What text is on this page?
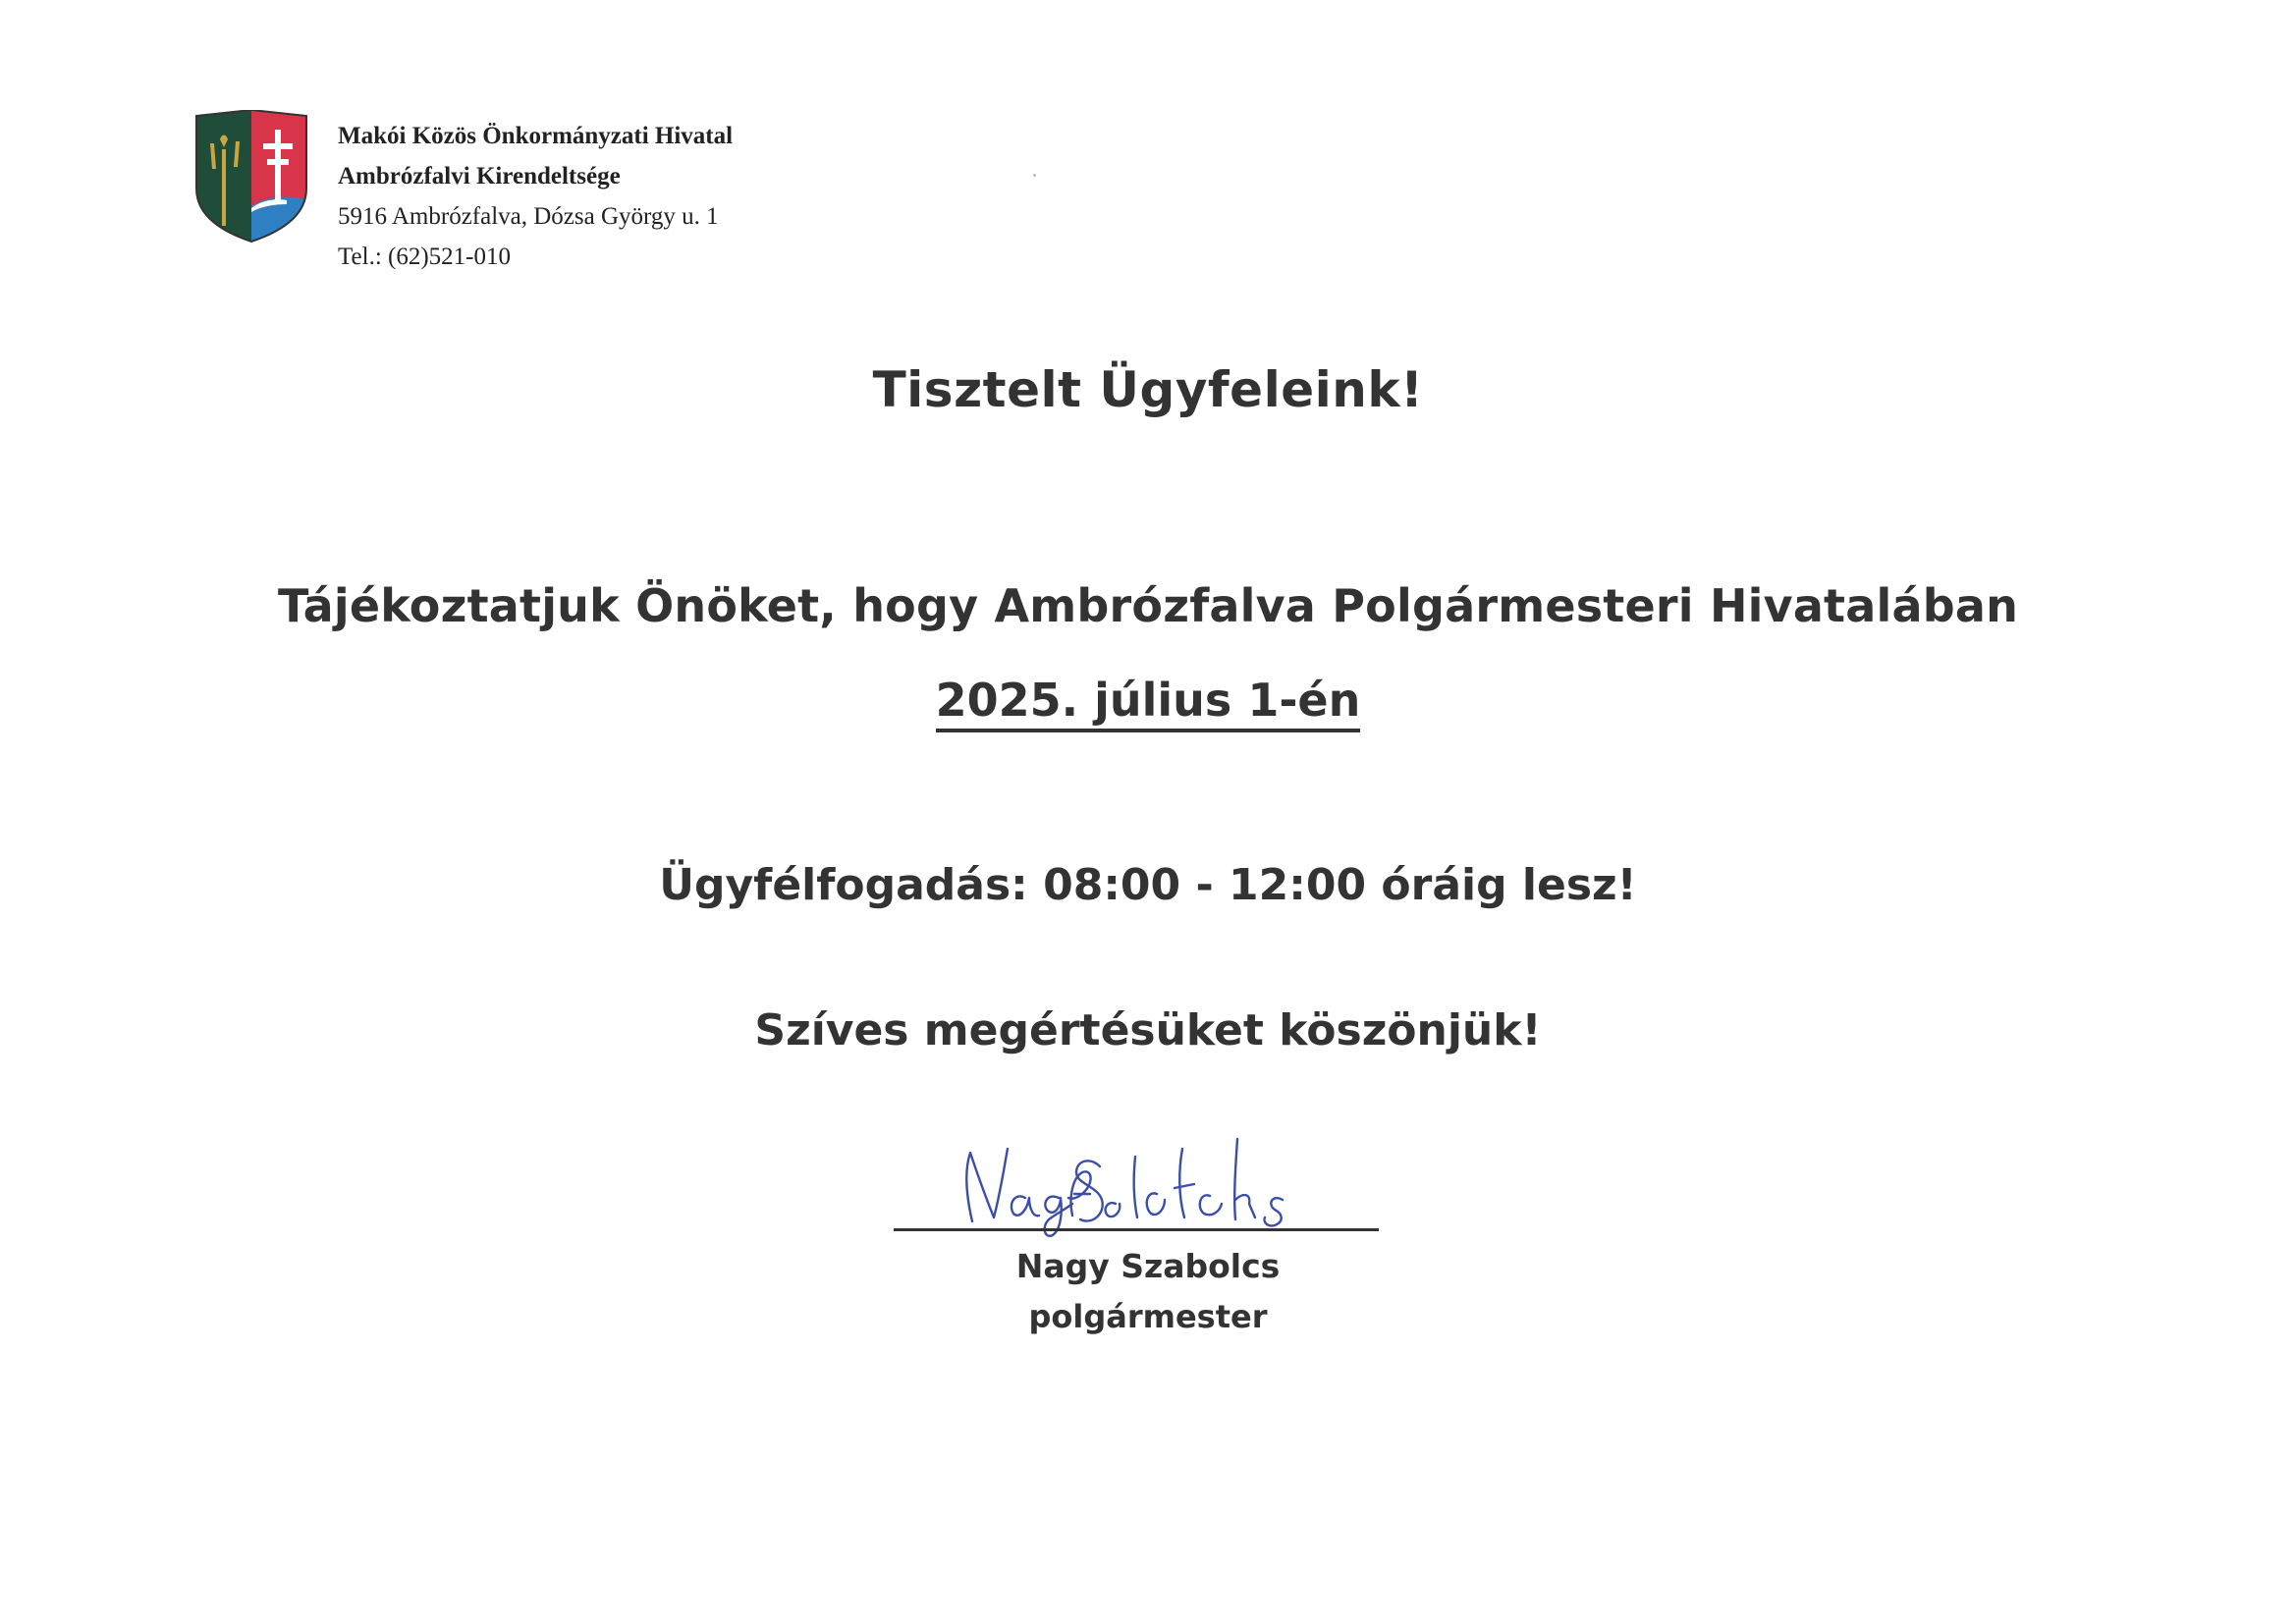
Makói Közös Önkormányzati Hivatal
Ambrózfalvi Kirendeltsége
5916 Ambrózfalva, Dózsa György u. 1
Tel.: (62)521-010
Tisztelt Ügyfeleink!
Tájékoztatjuk Önöket, hogy Ambrózfalva Polgármesteri Hivatalában
2025. július 1-én
Ügyfélfogadás: 08:00 - 12:00 óráig lesz!
Szíves megértésüket köszönjük!
Nagy Szabolcs
polgármester
